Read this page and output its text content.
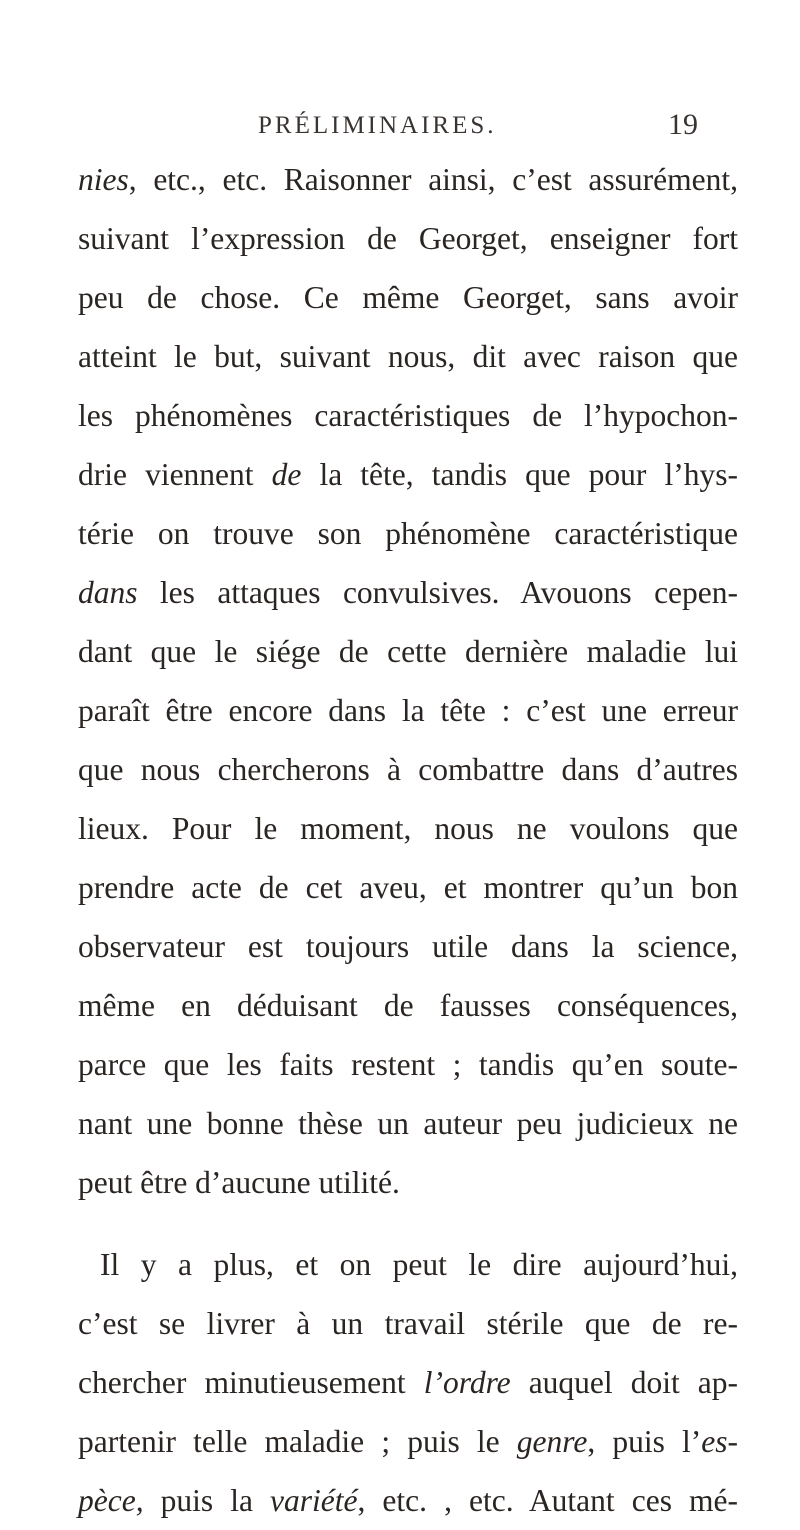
PRÉLIMINAIRES.	19
nies, etc., etc. Raisonner ainsi, c’est assurément,
suivant l’expression de Georget, enseigner fort
peu de chose. Ce même Georget, sans avoir
atteint le but, suivant nous, dit avec raison que
les phénomènes caractéristiques de l’hypochon-
drie viennent de la tête, tandis que pour l’hys-
térie on trouve son phénomène caractéristique
dans les attaques convulsives. Avouons cepen-
dant que le siége de cette dernière maladie lui
paraît être encore dans la tête : c’est une erreur
que nous chercherons à combattre dans d’autres
lieux. Pour le moment, nous ne voulons que
prendre acte de cet aveu, et montrer qu’un bon
observateur est toujours utile dans la science,
même en déduisant de fausses conséquences,
parce que les faits restent ; tandis qu’en soute-
nant une bonne thèse un auteur peu judicieux ne
peut être d’aucune utilité.
Il y a plus, et on peut le dire aujourd’hui,
c’est se livrer à un travail stérile que de re-
chercher minutieusement l’ordre auquel doit ap-
partenir telle maladie ; puis le genre, puis l’es-
pèce, puis la variété, etc. , etc. Autant ces mé-
